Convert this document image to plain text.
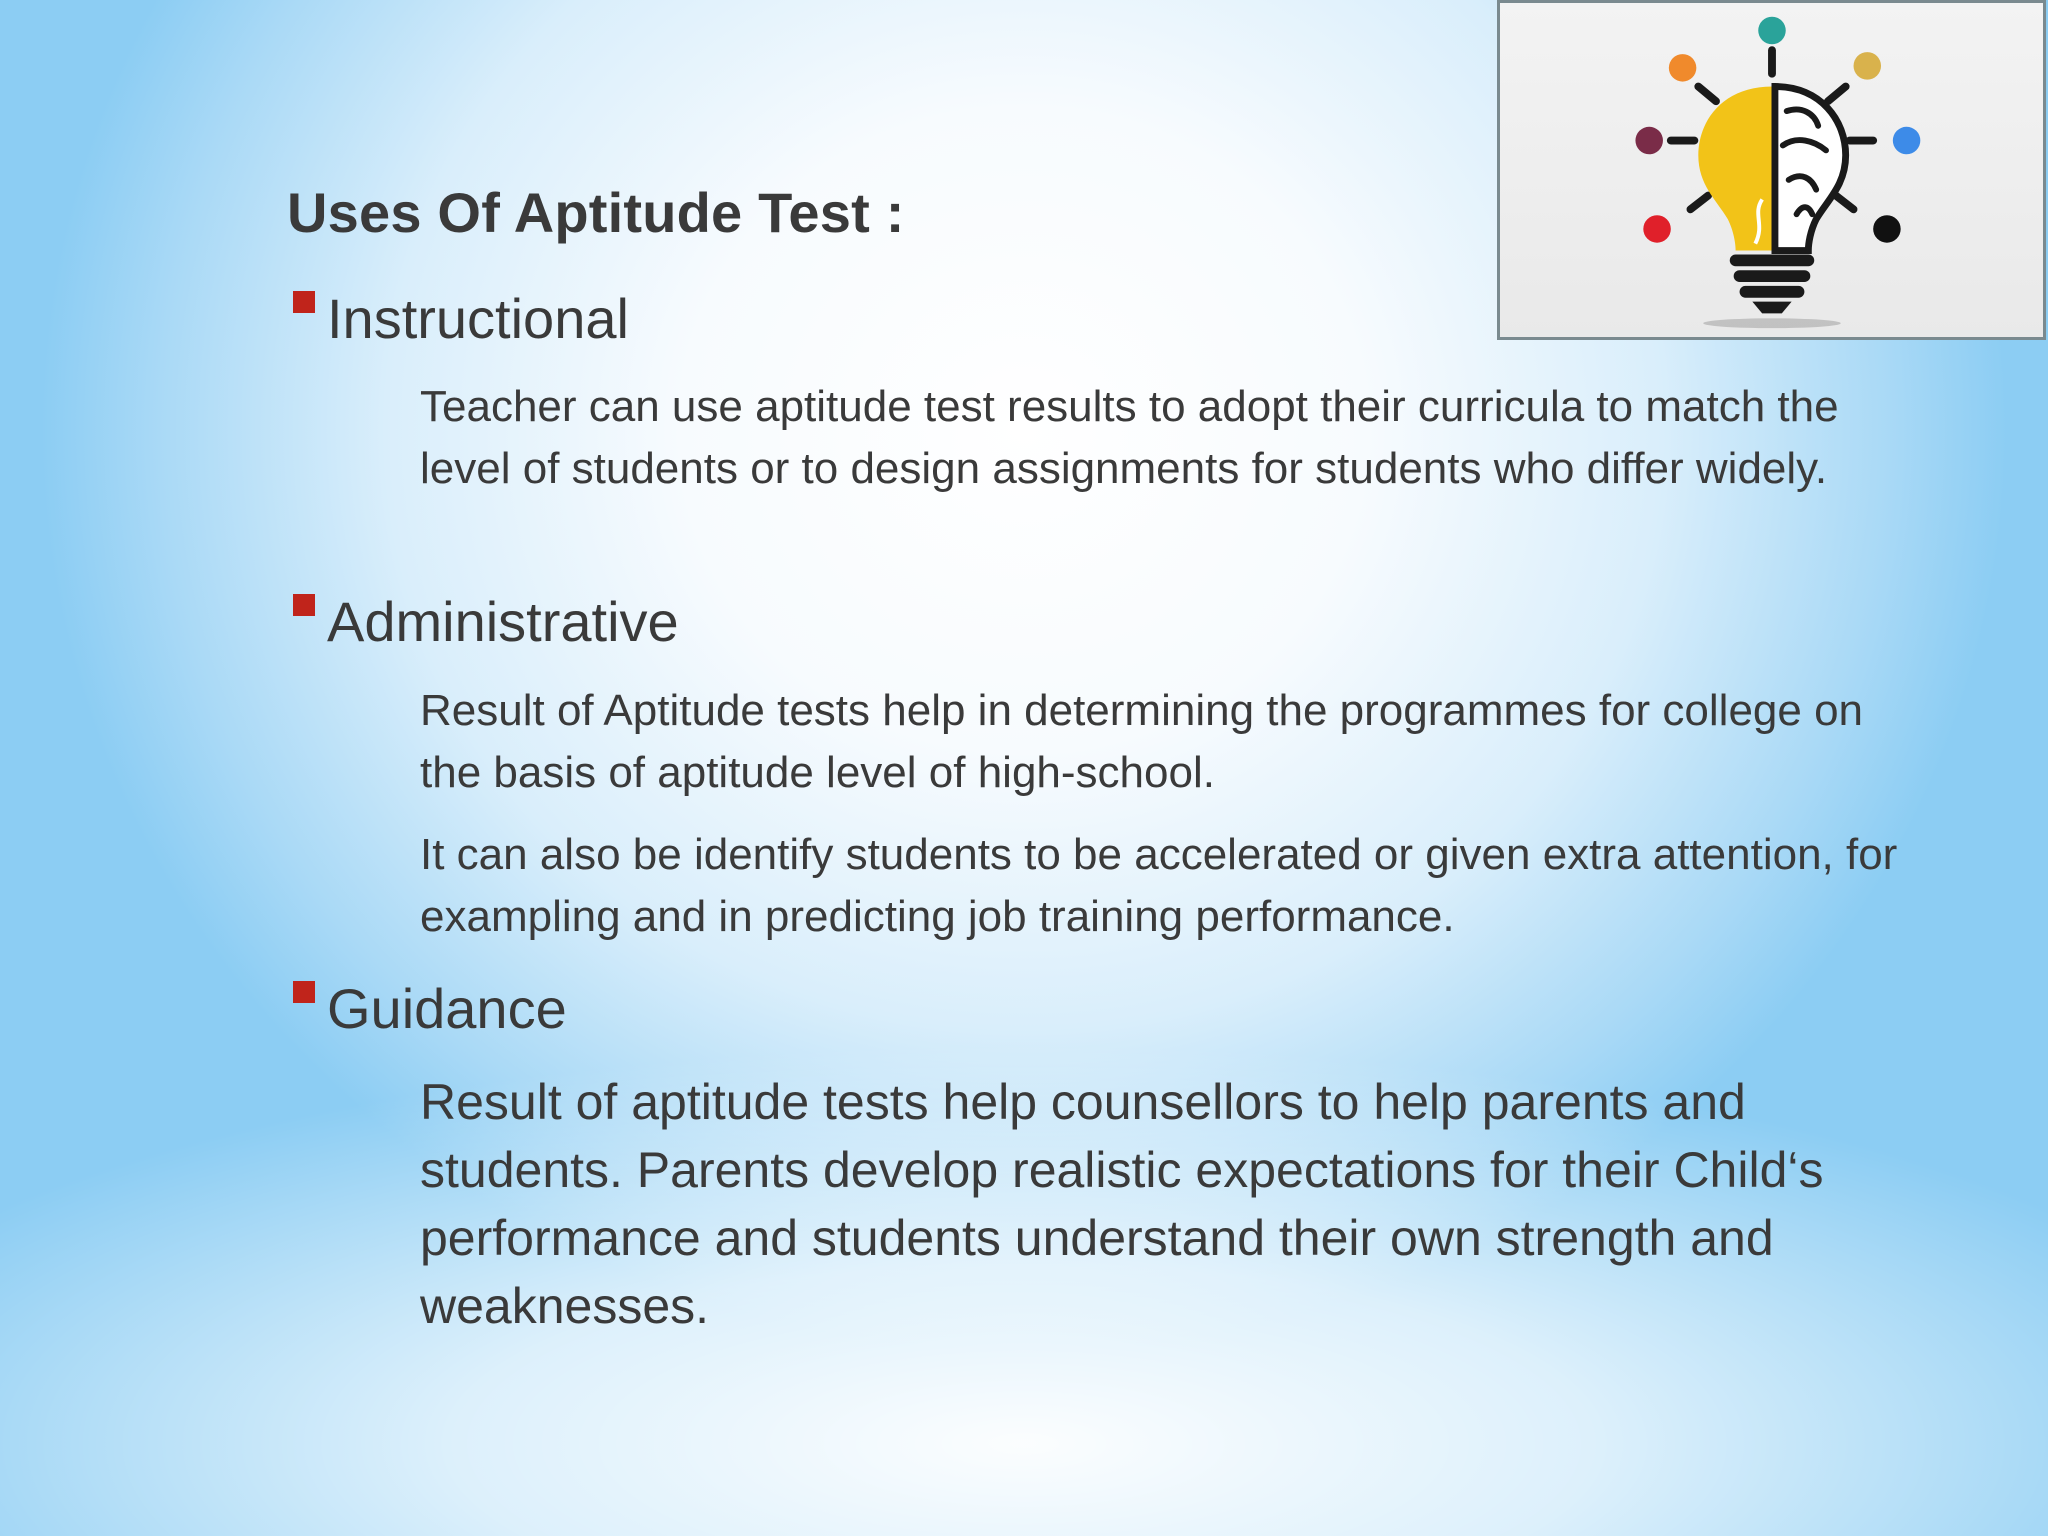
Uses Of Aptitude Test :
Instructional

Teacher can use aptitude test results to adopt their curricula to match the level of students or to design assignments for students who differ widely.

Administrative

Result of Aptitude tests help in determining the programmes for college on the basis of aptitude level of high-school.

It can also be identify students to be accelerated or given extra attention, for exampling and in predicting job training performance.

Guidance

Result of aptitude tests help counsellors to help parents and students. Parents develop realistic expectations for their Child‘s performance and students understand their own strength and weaknesses.
